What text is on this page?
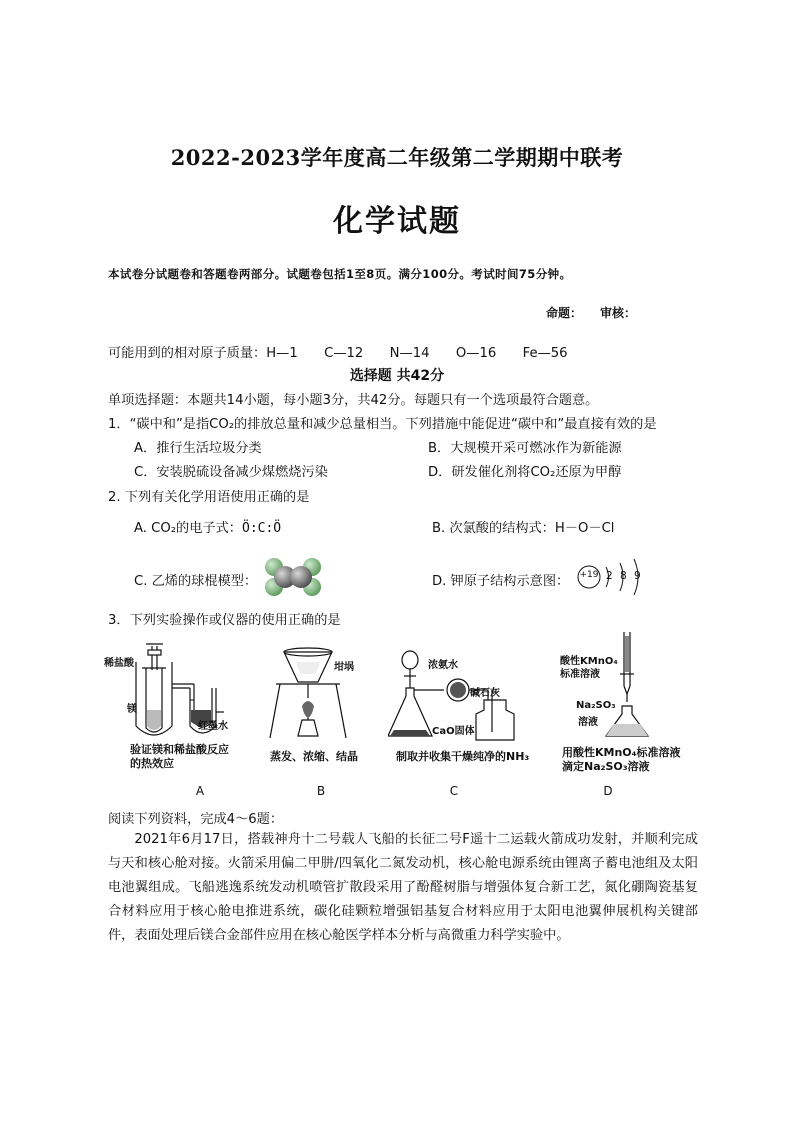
2022-2023学年度高二年级第二学期期中联考
化学试题
本试卷分试题卷和答题卷两部分。试题卷包括1至8页。满分100分。考试时间75分钟。
命题： 审核：
可能用到的相对原子质量：H—1　　C—12　　N—14　　O—16　　Fe—56
选择题 共42分
单项选择题：本题共14小题，每小题3分，共42分。每题只有一个选项最符合题意。
1．“碳中和”是指CO₂的排放总量和减少总量相当。下列措施中能促进“碳中和”最直接有效的是
A．推行生活垃圾分类	B．大规模开采可燃冰作为新能源
C．安装脱硫设备减少煤燃烧污染	D．研发催化剂将CO₂还原为甲醇
2. 下列有关化学用语使用正确的是
A. CO₂的电子式：Ö:C:Ö	B. 次氯酸的结构式：H－O－Cl
C. 乙烯的球棍模型：	D. 钾原子结构示意图： +19 2 8 9
3．下列实验操作或仪器的使用正确的是
稀盐酸
镁
红墨水
验证镁和稀盐酸反应
的热效应
坩埚
蒸发、浓缩、结晶
浓氨水
碱石灰
CaO固体
制取并收集干燥纯净的NH₃
酸性KMnO₄
标准溶液
Na₂SO₃
溶液
用酸性KMnO₄标准溶液
滴定Na₂SO₃溶液
A	B	C	D
阅读下列资料，完成4～6题：
2021年6月17日，搭载神舟十二号载人飞船的长征二号F遥十二运载火箭成功发射，并顺利完成与天和核心舱对接。火箭采用偏二甲肼/四氧化二氮发动机，核心舱电源系统由锂离子蓄电池组及太阳电池翼组成。飞船逃逸系统发动机喷管扩散段采用了酚醛树脂与增强体复合新工艺，氮化硼陶瓷基复合材料应用于核心舱电推进系统，碳化硅颗粒增强铝基复合材料应用于太阳电池翼伸展机构关键部件，表面处理后镁合金部件应用在核心舱医学样本分析与高微重力科学实验中。
